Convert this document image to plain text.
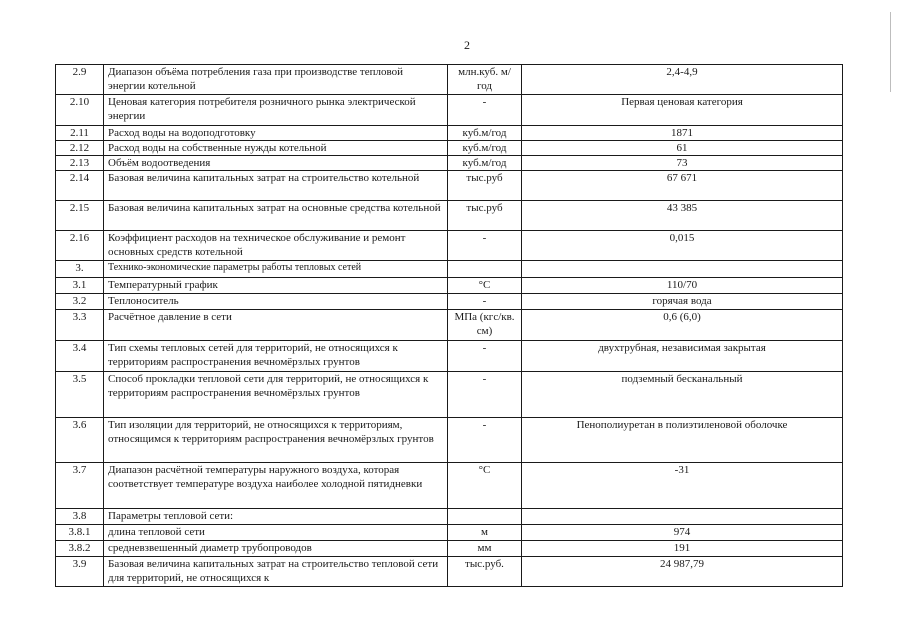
2
2.9	Диапазон объёма потребления газа при производстве тепловой энергии котельной	млн.куб. м/ год	2,4-4,9
2.10	Ценовая категория потребителя розничного рынка электрической энергии	-	Первая ценовая категория
2.11	Расход воды на водоподготовку	куб.м/год	1871
2.12	Расход воды на собственные нужды котельной	куб.м/год	61
2.13	Объём водоотведения	куб.м/год	73
2.14	Базовая величина капитальных затрат на строительство котельной	тыс.руб	67 671
2.15	Базовая величина капитальных затрат на основные средства котельной	тыс.руб	43 385
2.16	Коэффициент расходов на техническое обслуживание и ремонт основных средств котельной	-	0,015
3.	Технико-экономические параметры работы тепловых сетей		
3.1	Температурный график	°С	110/70
3.2	Теплоноситель	-	горячая вода
3.3	Расчётное давление в сети	МПа (кгс/кв. см)	0,6 (6,0)
3.4	Тип схемы тепловых сетей для территорий, не относящихся к территориям распространения вечномёрзлых грунтов	-	двухтрубная, независимая закрытая
3.5	Способ прокладки тепловой сети для территорий, не относящихся к территориям распространения вечномёрзлых грунтов	-	подземный бесканальный
3.6	Тип изоляции для территорий, не относящихся к территориям, относящимся к территориям распространения вечномёрзлых грунтов	-	Пенополиуретан в полиэтиленовой оболочке
3.7	Диапазон расчётной температуры наружного воздуха, которая соответствует температуре воздуха наиболее холодной пятидневки	°С	-31
3.8	Параметры тепловой сети:		
3.8.1	длина тепловой сети	м	974
3.8.2	средневзвешенный диаметр трубопроводов	мм	191
3.9	Базовая величина капитальных затрат на строительство тепловой сети для территорий, не относящихся к	тыс.руб.	24 987,79
